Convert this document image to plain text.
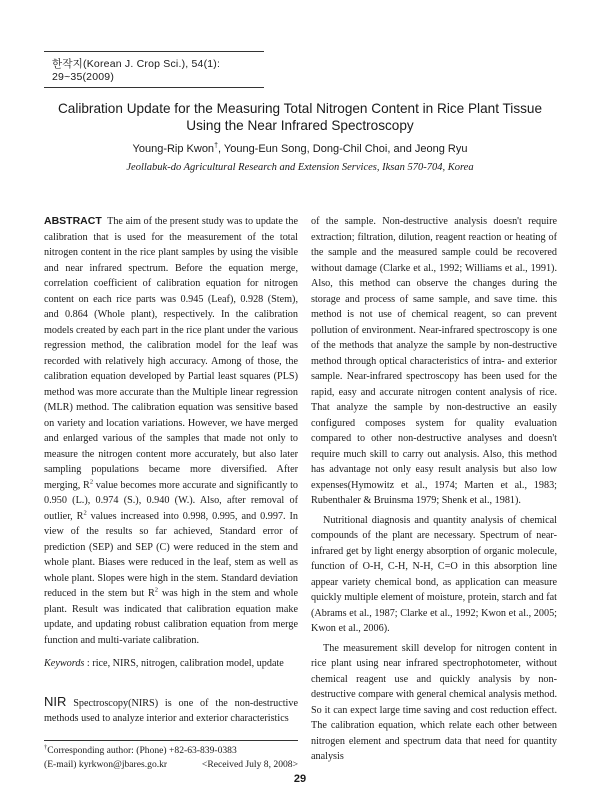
한작지(Korean J. Crop Sci.), 54(1): 29~35(2009)
Calibration Update for the Measuring Total Nitrogen Content in Rice Plant Tissue
Using the Near Infrared Spectroscopy
Young-Rip Kwon†, Young-Eun Song, Dong-Chil Choi, and Jeong Ryu
Jeollabuk-do Agricultural Research and Extension Services, Iksan 570-704, Korea

ABSTRACT The aim of the present study was to update the calibration that is used for the measurement of the total nitrogen content in the rice plant samples by using the visible and near infrared spectrum. Before the equation merge, correlation coefficient of calibration equation for nitrogen content on each rice parts was 0.945 (Leaf), 0.928 (Stem), and 0.864 (Whole plant), respectively. In the calibration models created by each part in the rice plant under the various regression method, the calibration model for the leaf was recorded with relatively high accuracy. Among of those, the calibration equation developed by Partial least squares (PLS) method was more accurate than the Multiple linear regression (MLR) method. The calibration equation was sensitive based on variety and location variations. However, we have merged and enlarged various of the samples that made not only to measure the nitrogen content more accurately, but also later sampling populations became more diversified. After merging, $R^2$ value becomes more accurate and significantly to 0.950 (L.), 0.974 (S.), 0.940 (W.). Also, after removal of outlier, $R^2$ values increased into 0.998, 0.995, and 0.997. In view of the results so far achieved, Standard error of prediction (SEP) and SEP (C) were reduced in the stem and whole plant. Biases were reduced in the leaf, stem as well as whole plant. Slopes were high in the stem. Standard deviation reduced in the stem but $R^2$ was high in the stem and whole plant. Result was indicated that calibration equation make update, and updating robust calibration equation from merge function and multi-variate calibration.

Keywords : rice, NIRS, nitrogen, calibration model, update

NIR Spectroscopy(NIRS) is one of the non-destructive methods used to analyze interior and exterior characteristics

of the sample. Non-destructive analysis doesn't require extraction; filtration, dilution, reagent reaction or heating of the sample and the measured sample could be recovered without damage (Clarke et al., 1992; Williams et al., 1991). Also, this method can observe the changes during the storage and process of same sample, and save time. this method is not use of chemical reagent, so can prevent pollution of environment. Near-infrared spectroscopy is one of the methods that analyze the sample by non-destructive method through optical characteristics of intra- and exterior sample. Near-infrared spectroscopy has been used for the rapid, easy and accurate nitrogen content analysis of rice. That analyze the sample by non-destructive an easily configured composes system for quality evaluation compared to other non-destructive analyses and doesn't require much skill to carry out analysis. Also, this method has advantage not only easy result analysis but also low expenses(Hymowitz et al., 1974; Marten et al., 1983; Rubenthaler & Bruinsma 1979; Shenk et al., 1981).

Nutritional diagnosis and quantity analysis of chemical compounds of the plant are necessary. Spectrum of near-infrared get by light energy absorption of organic molecule, function of O-H, C-H, N-H, C=O in this absorption line appear variety chemical bond, as application can measure quickly multiple element of moisture, protein, starch and fat (Abrams et al., 1987; Clarke et al., 1992; Kwon et al., 2005; Kwon et al., 2006).

The measurement skill develop for nitrogen content in rice plant using near infrared spectrophotometer, without chemical reagent use and quickly analysis by non-destructive compare with general chemical analysis method. So it can expect large time saving and cost reduction effect. The calibration equation, which relate each other between nitrogen element and spectrum data that need for quantity analysis

†Corresponding author: (Phone) +82-63-839-0383
(E-mail) kyrkwon@jbares.go.kr	<Received July 8, 2008>
29
